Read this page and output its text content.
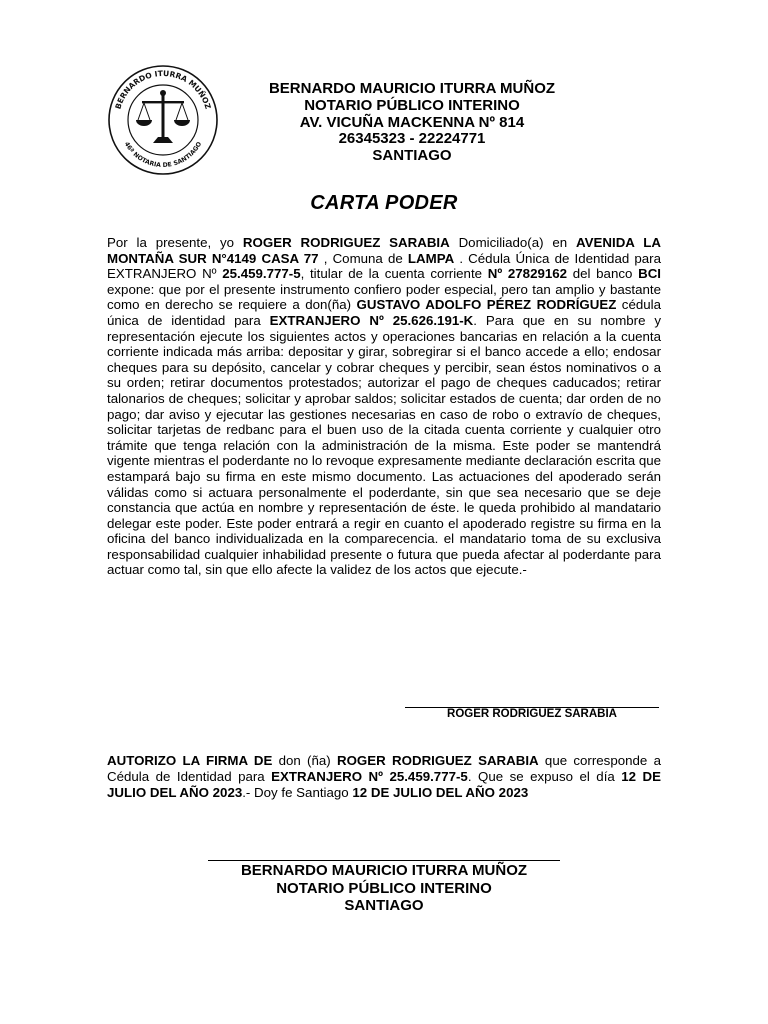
BERNARDO ITURRA MUÑOZ
46ª NOTARIA DE SANTIAGO
BERNARDO MAURICIO ITURRA MUÑOZ
NOTARIO PÚBLICO INTERINO
AV. VICUÑA MACKENNA Nº 814
26345323 - 22224771
SANTIAGO
CARTA PODER

Por la presente, yo ROGER RODRIGUEZ SARABIA Domiciliado(a) en AVENIDA LA MONTAÑA SUR N°4149 CASA 77 , Comuna de LAMPA . Cédula Única de Identidad para EXTRANJERO Nº 25.459.777-5, titular de la cuenta corriente Nº 27829162 del banco BCI expone: que por el presente instrumento confiero poder especial, pero tan amplio y bastante como en derecho se requiere a don(ña) GUSTAVO ADOLFO PÉREZ RODRÍGUEZ cédula única de identidad para EXTRANJERO Nº 25.626.191-K. Para que en su nombre y representación ejecute los siguientes actos y operaciones bancarias en relación a la cuenta corriente indicada más arriba: depositar y girar, sobregirar si el banco accede a ello; endosar cheques para su depósito, cancelar y cobrar cheques y percibir, sean éstos nominativos o a su orden; retirar documentos protestados; autorizar el pago de cheques caducados; retirar talonarios de cheques; solicitar y aprobar saldos; solicitar estados de cuenta; dar orden de no pago; dar aviso y ejecutar las gestiones necesarias en caso de robo o extravío de cheques, solicitar tarjetas de redbanc para el buen uso de la citada cuenta corriente y cualquier otro trámite que tenga relación con la administración de la misma. Este poder se mantendrá vigente mientras el poderdante no lo revoque expresamente mediante declaración escrita que estampará bajo su firma en este mismo documento. Las actuaciones del apoderado serán válidas como si actuara personalmente el poderdante, sin que sea necesario que se deje constancia que actúa en nombre y representación de éste. le queda prohibido al mandatario delegar este poder. Este poder entrará a regir en cuanto el apoderado registre su firma en la oficina del banco individualizada en la comparecencia. el mandatario toma de su exclusiva responsabilidad cualquier inhabilidad presente o futura que pueda afectar al poderdante para actuar como tal, sin que ello afecte la validez de los actos que ejecute.-

ROGER RODRIGUEZ SARABIA

AUTORIZO LA FIRMA DE don (ña) ROGER RODRIGUEZ SARABIA que corresponde a Cédula de Identidad para EXTRANJERO Nº 25.459.777-5. Que se expuso el día 12 DE JULIO DEL AÑO 2023.- Doy fe Santiago 12 DE JULIO DEL AÑO 2023

BERNARDO MAURICIO ITURRA MUÑOZ
NOTARIO PÚBLICO INTERINO
SANTIAGO
